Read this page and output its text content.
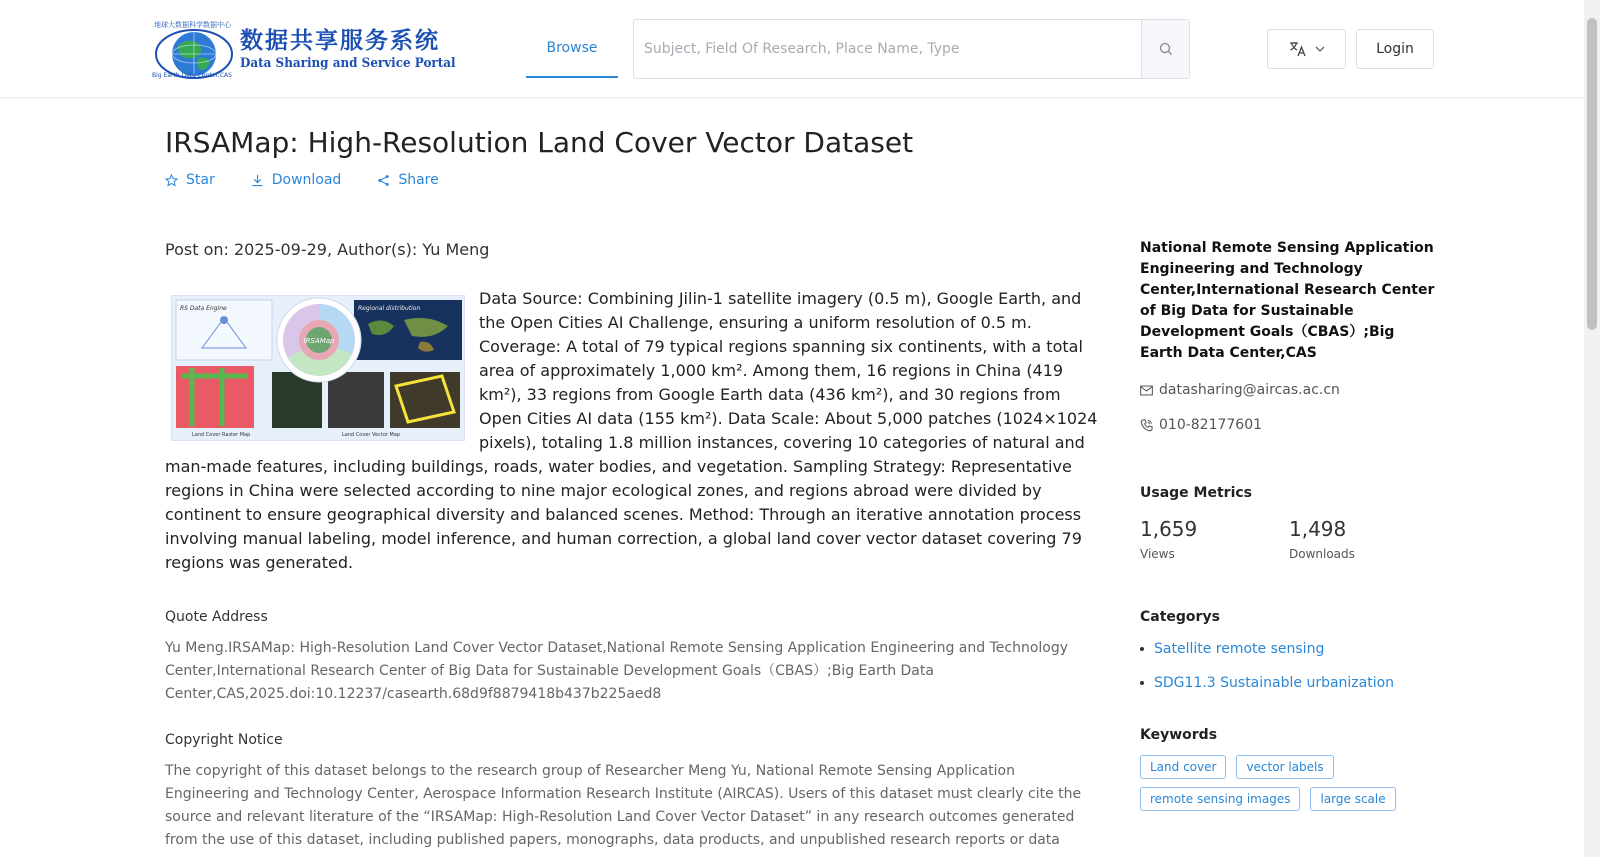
地球大数据科学数据中心
数据共享服务系统
Data Sharing and Service Portal
Big Earth Data Center,CAS
Browse
Subject, Field Of Research, Place Name, Type	Login
IRSAMap: High-Resolution Land Cover Vector Dataset
Star	Download	Share
Post on: 2025-09-29, Author(s): Yu Meng
RS Data Engine	Regional distribution
IRSAMap
Land Cover Raster Map	Land Cover Vector Map
Data Source: Combining Jilin-1 satellite imagery (0.5 m), Google Earth, and the Open Cities AI Challenge, ensuring a uniform resolution of 0.5 m. Coverage: A total of 79 typical regions spanning six continents, with a total area of approximately 1,000 km². Among them, 16 regions in China (419 km²), 33 regions from Google Earth data (436 km²), and 30 regions from Open Cities AI data (155 km²). Data Scale: About 5,000 patches (1024×1024 pixels), totaling 1.8 million instances, covering 10 categories of natural and man-made features, including buildings, roads, water bodies, and vegetation. Sampling Strategy: Representative regions in China were selected according to nine major ecological zones, and regions abroad were divided by continent to ensure geographical diversity and balanced scenes. Method: Through an iterative annotation process involving manual labeling, model inference, and human correction, a global land cover vector dataset covering 79 regions was generated.
Quote Address
Yu Meng.IRSAMap: High-Resolution Land Cover Vector Dataset,National Remote Sensing Application Engineering and Technology Center,International Research Center of Big Data for Sustainable Development Goals（CBAS）;Big Earth Data Center,CAS,2025.doi:10.12237/casearth.68d9f8879418b437b225aed8
Copyright Notice
The copyright of this dataset belongs to the research group of Researcher Meng Yu, National Remote Sensing Application Engineering and Technology Center, Aerospace Information Research Institute (AIRCAS). Users of this dataset must clearly cite the source and relevant literature of the “IRSAMap: High-Resolution Land Cover Vector Dataset” in any research outcomes generated from the use of this dataset, including published papers, monographs, data products, and unpublished research reports or data
National Remote Sensing Application Engineering and Technology Center,International Research Center of Big Data for Sustainable Development Goals（CBAS）;Big Earth Data Center,CAS
datasharing@aircas.ac.cn
010-82177601
Usage Metrics
1,659
Views
1,498
Downloads
Categorys
Satellite remote sensing
SDG11.3 Sustainable urbanization
Keywords
Land cover	vector labels
remote sensing images	large scale
